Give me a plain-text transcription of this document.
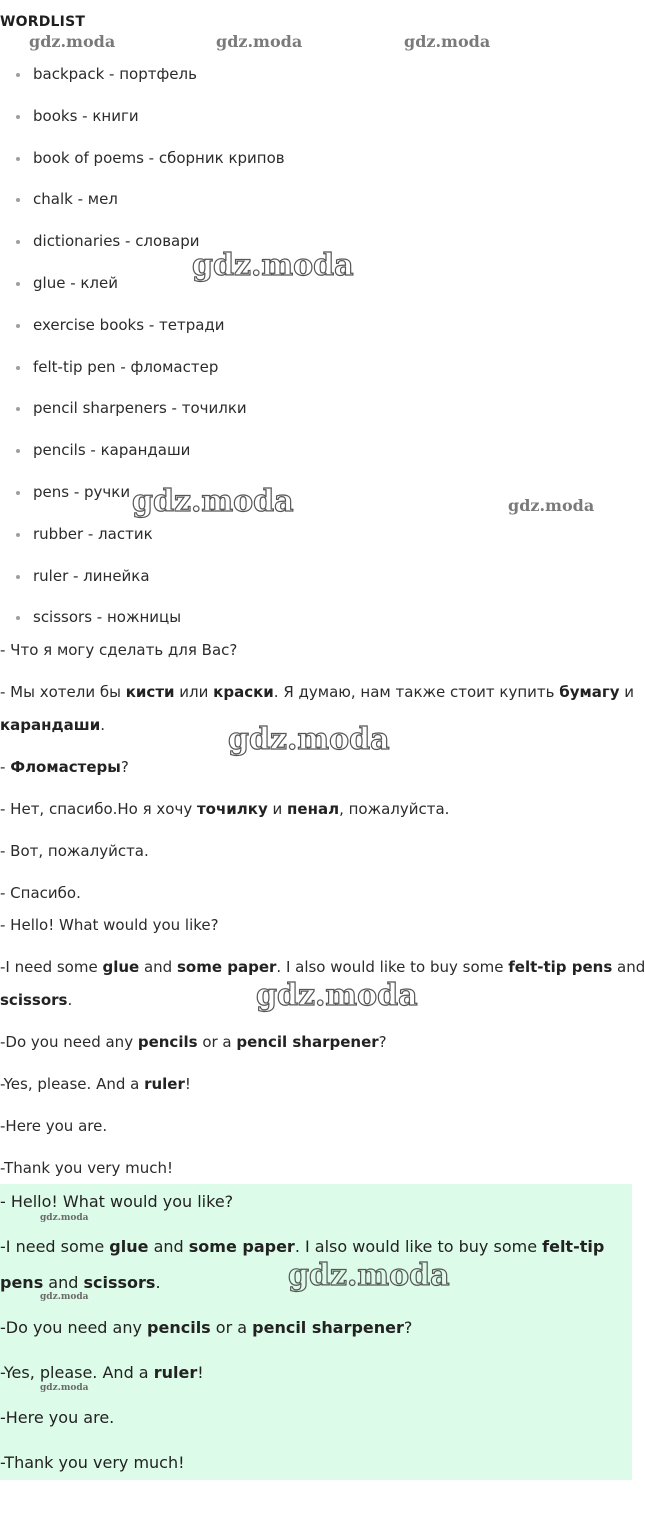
WORDLIST
gdz.moda	gdz.moda	gdz.moda
backpack - портфель
books - книги
book of poems - сборник крипов
chalk - мел
dictionaries - словари
glue - клей
exercise books - тетради
felt-tip pen - фломастер
pencil sharpeners - точилки
pencils - карандаши
pens - ручки
rubber - ластик
ruler - линейка
scissors - ножницы
gdz.moda
gdz.moda	gdz.moda
- Что я могу сделать для Вас?
- Мы хотели бы кисти или краски. Я думаю, нам также стоит купить бумагу и
карандаши.	gdz.moda
- Фломастеры?
- Нет, спасибо.Но я хочу точилку и пенал, пожалуйста.
- Вот, пожалуйста.
- Спасибо.
- Hello! What would you like?
-I need some glue and some paper. I also would like to buy some felt-tip pens and
scissors.	gdz.moda
-Do you need any pencils or a pencil sharpener?
-Yes, please. And a ruler!
-Here you are.
-Thank you very much!
- Hello! What would you like?
gdz.moda
-I need some glue and some paper. I also would like to buy some felt-tip
pens and scissors.	gdz.moda
gdz.moda
-Do you need any pencils or a pencil sharpener?
-Yes, please. And a ruler!
gdz.moda
-Here you are.
-Thank you very much!
